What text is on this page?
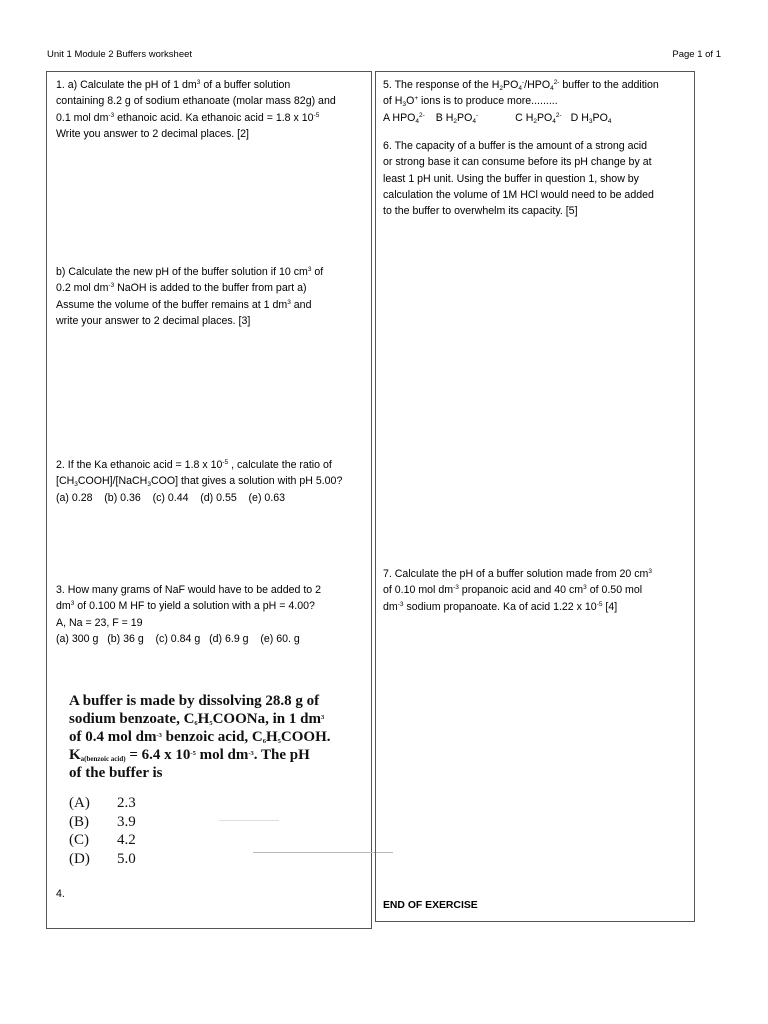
Unit 1 Module 2 Buffers worksheet	Page 1 of 1
1. a) Calculate the pH of 1 $dm^3$ of a buffer solution
containing 8.2 g of sodium ethanoate (molar mass 82g) and
0.1 mol $dm^{-3}$ ethanoic acid. Ka ethanoic acid = 1.8 x $10^{-5}$
Write you answer to 2 decimal places. [2]
b) Calculate the new pH of the buffer solution if 10 $cm^3$ of
0.2 mol $dm^{-3}$ NaOH is added to the buffer from part a)
Assume the volume of the buffer remains at 1 $dm^3$ and
write your answer to 2 decimal places. [3]
2. If the Ka ethanoic acid = 1.8 x $10^{-5}$ , calculate the ratio of
$[CH_3COOH]/[NaCH_3COO]$ that gives a solution with pH 5.00?
(a) 0.28    (b) 0.36    (c) 0.44    (d) 0.55    (e) 0.63
3. How many grams of NaF would have to be added to 2
$dm^3$ of 0.100 M HF to yield a solution with a pH = 4.00?
A, Na = 23, F = 19
(a) 300 g   (b) 36 g    (c) 0.84 g   (d) 6.9 g    (e) 60. g
A buffer is made by dissolving 28.8 g of
sodium benzoate, $C_6H_5COONa$, in 1 $dm^3$
of 0.4 mol $dm^{-3}$ benzoic acid, $C_6H_5COOH$.
$K_{a(benzoic acid)} = 6.4$ x $10^{-5}$ mol $dm^{-3}$. The pH
of the buffer is
(A)	2.3
(B)	3.9
(C)	4.2
(D)	5.0
4.
5. The response of the $H_2PO_4^-/HPO_4^{2-}$ buffer to the addition
of $H_3O^+$ ions is to produce more.........
A $HPO_4^{2-}$ B $H_2PO_4^-$	C $H_2PO_4^{2-}$ D $H_3PO_4$
6. The capacity of a buffer is the amount of a strong acid
or strong base it can consume before its pH change by at
least 1 pH unit. Using the buffer in question 1, show by
calculation the volume of 1M HCl would need to be added
to the buffer to overwhelm its capacity. [5]
7. Calculate the pH of a buffer solution made from 20 $cm^3$
of 0.10 mol $dm^{-3}$ propanoic acid and 40 $cm^3$ of 0.50 mol
$dm^{-3}$ sodium propanoate. Ka of acid 1.22 x $10^{-5}$ [4]
END OF EXERCISE
